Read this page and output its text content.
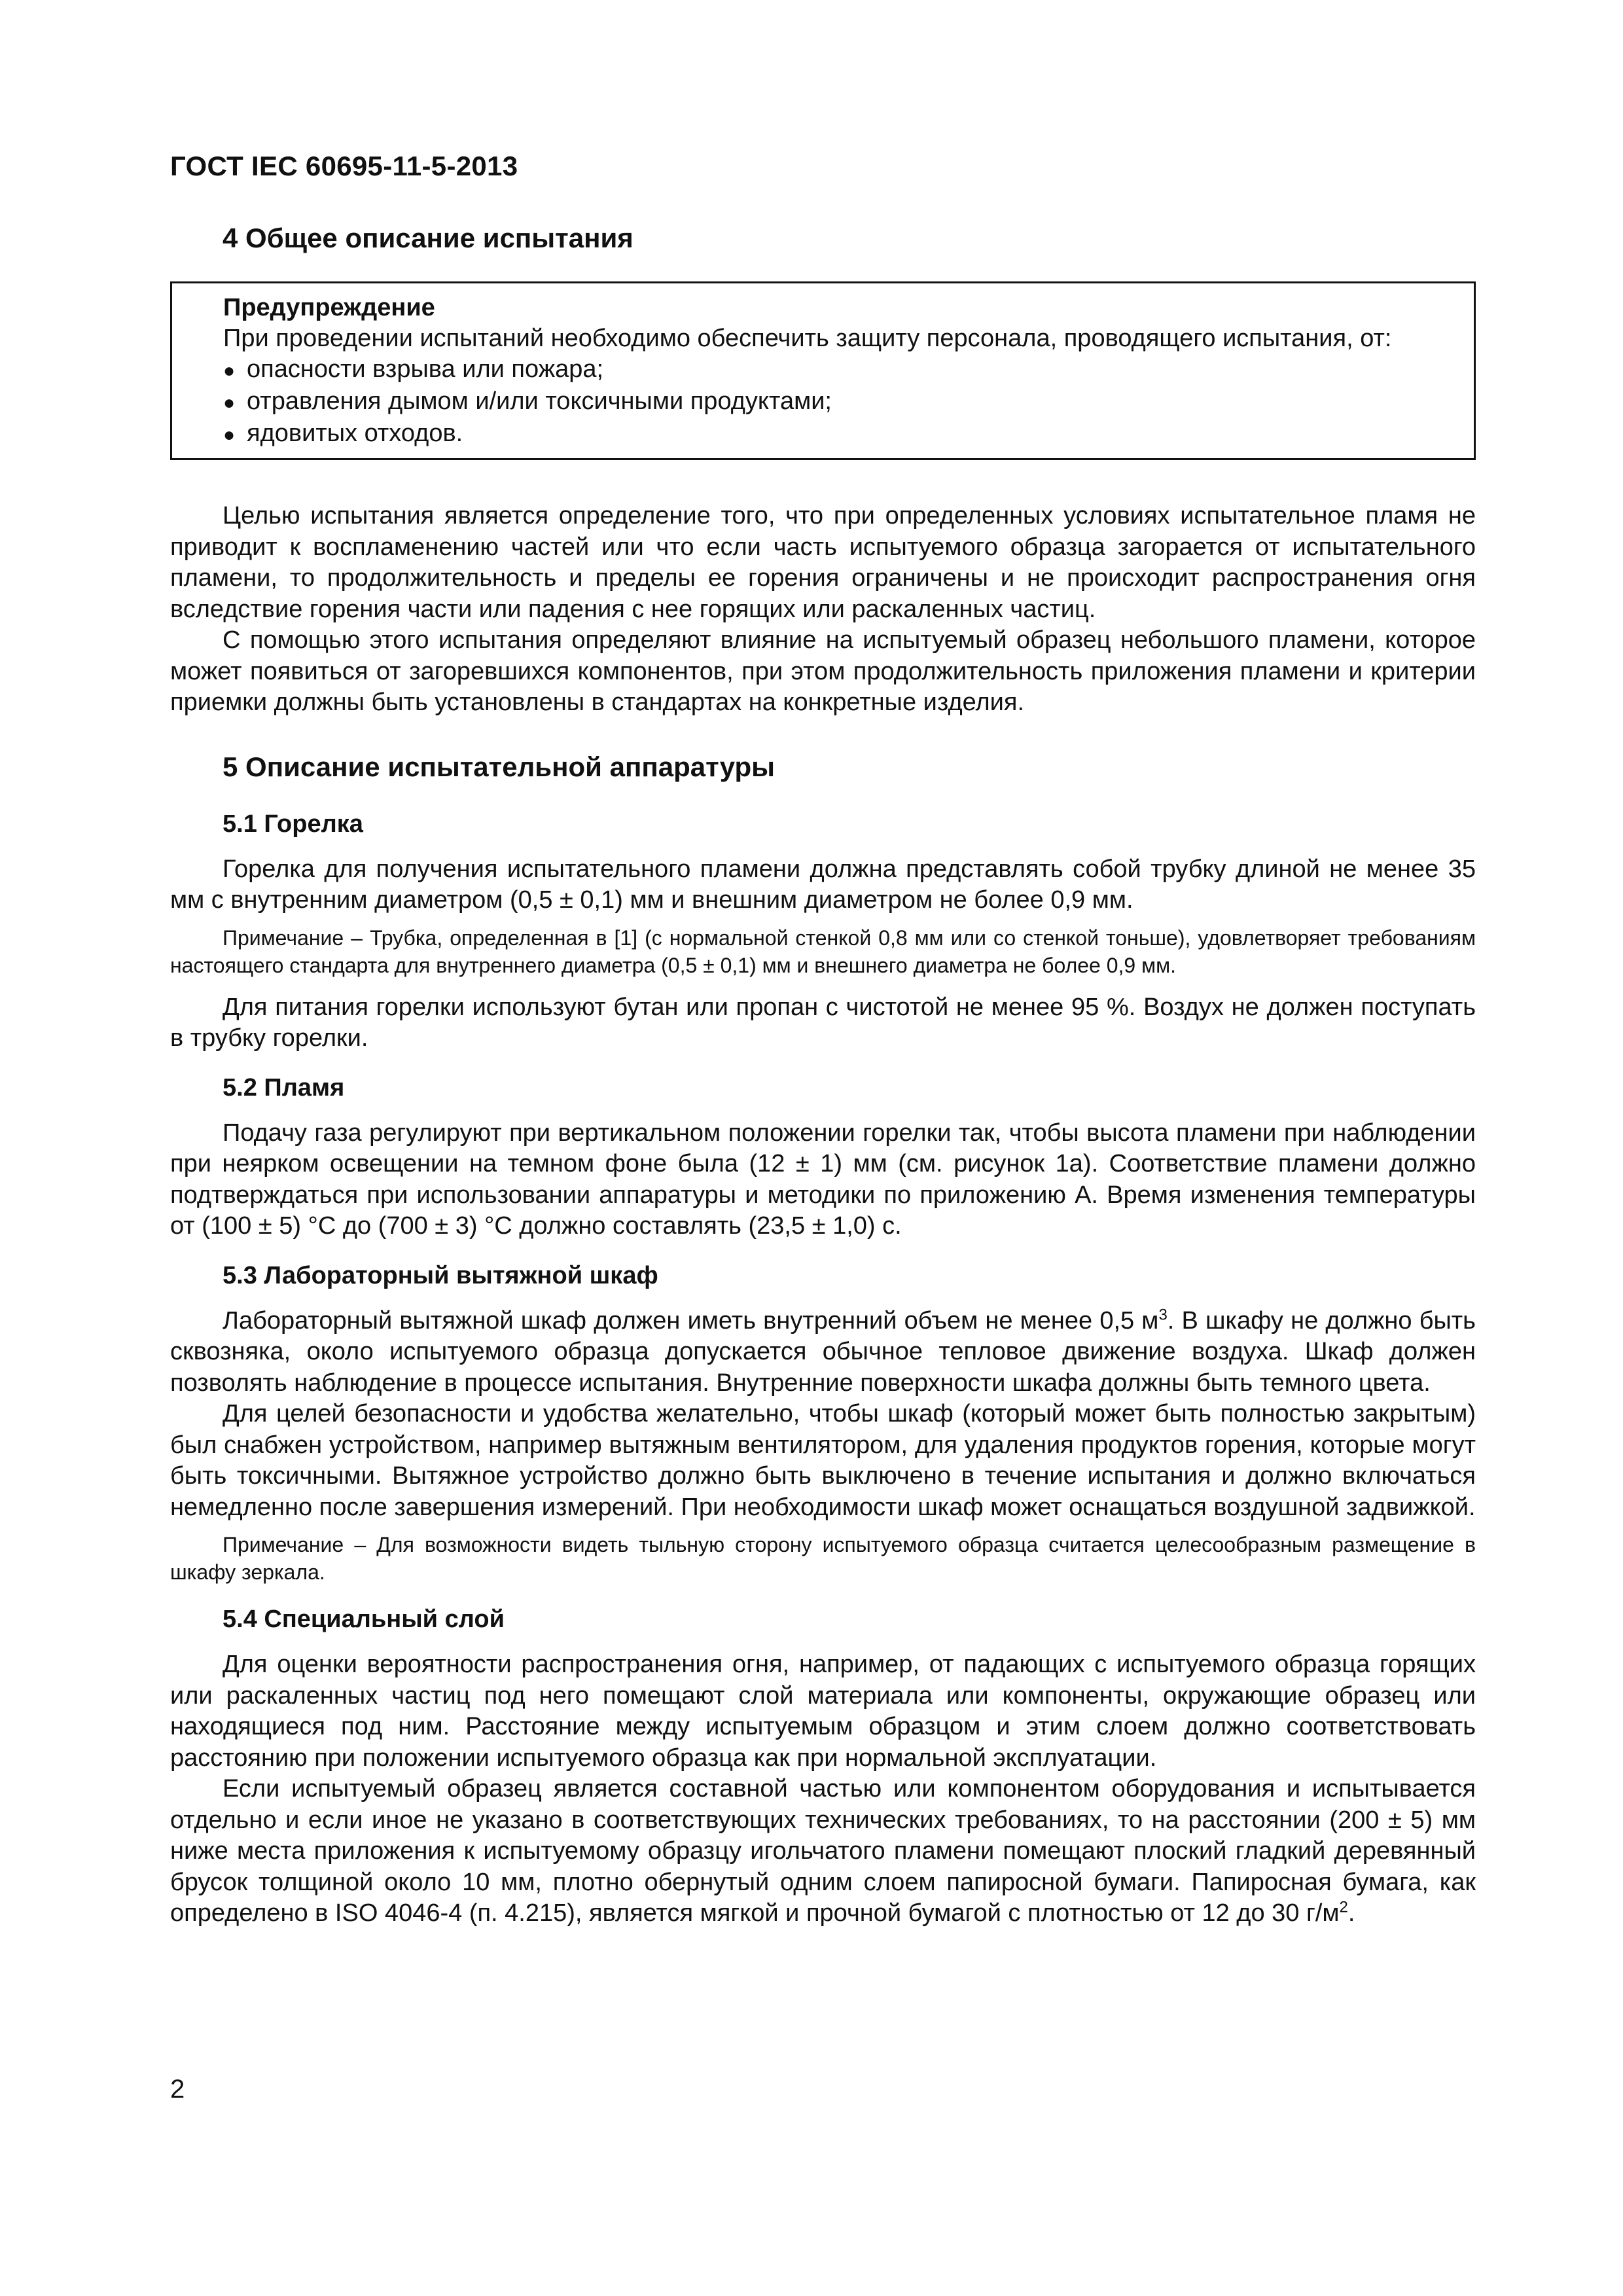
ГОСТ IEC 60695-11-5-2013
4 Общее описание испытания
Предупреждение
При проведении испытаний необходимо обеспечить защиту персонала, проводящего испытания, от:
● опасности взрыва или пожара;
● отравления дымом и/или токсичными продуктами;
● ядовитых отходов.

Целью испытания является определение того, что при определенных условиях испытательное пламя не приводит к воспламенению частей или что если часть испытуемого образца загорается от испытательного пламени, то продолжительность и пределы ее горения ограничены и не происходит распространения огня вследствие горения части или падения с нее горящих или раскаленных частиц.

С помощью этого испытания определяют влияние на испытуемый образец небольшого пламени, которое может появиться от загоревшихся компонентов, при этом продолжительность приложения пламени и критерии приемки должны быть установлены в стандартах на конкретные изделия.

5 Описание испытательной аппаратуры
5.1 Горелка

Горелка для получения испытательного пламени должна представлять собой трубку длиной не менее 35 мм с внутренним диаметром (0,5 ± 0,1) мм и внешним диаметром не более 0,9 мм.

Примечание – Трубка, определенная в [1] (с нормальной стенкой 0,8 мм или со стенкой тоньше), удовлетворяет требованиям настоящего стандарта для внутреннего диаметра (0,5 ± 0,1) мм и внешнего диаметра не более 0,9 мм.

Для питания горелки используют бутан или пропан с чистотой не менее 95 %. Воздух не должен поступать в трубку горелки.

5.2 Пламя

Подачу газа регулируют при вертикальном положении горелки так, чтобы высота пламени при наблюдении при неярком освещении на темном фоне была (12 ± 1) мм (см. рисунок 1а). Соответствие пламени должно подтверждаться при использовании аппаратуры и методики по приложению А. Время изменения температуры от (100 ± 5) °С до (700 ± 3) °С должно составлять (23,5 ± 1,0) с.

5.3 Лабораторный вытяжной шкаф

Лабораторный вытяжной шкаф должен иметь внутренний объем не менее 0,5 $м^3$. В шкафу не должно быть сквозняка, около испытуемого образца допускается обычное тепловое движение воздуха. Шкаф должен позволять наблюдение в процессе испытания. Внутренние поверхности шкафа должны быть темного цвета.

Для целей безопасности и удобства желательно, чтобы шкаф (который может быть полностью закрытым) был снабжен устройством, например вытяжным вентилятором, для удаления продуктов горения, которые могут быть токсичными. Вытяжное устройство должно быть выключено в течение испытания и должно включаться немедленно после завершения измерений. При необходимости шкаф может оснащаться воздушной задвижкой.

Примечание – Для возможности видеть тыльную сторону испытуемого образца считается целесообразным размещение в шкафу зеркала.

5.4 Специальный слой

Для оценки вероятности распространения огня, например, от падающих с испытуемого образца горящих или раскаленных частиц под него помещают слой материала или компоненты, окружающие образец или находящиеся под ним. Расстояние между испытуемым образцом и этим слоем должно соответствовать расстоянию при положении испытуемого образца как при нормальной эксплуатации.

Если испытуемый образец является составной частью или компонентом оборудования и испытывается отдельно и если иное не указано в соответствующих технических требованиях, то на расстоянии (200 ± 5) мм ниже места приложения к испытуемому образцу игольчатого пламени помещают плоский гладкий деревянный брусок толщиной около 10 мм, плотно обернутый одним слоем папиросной бумаги. Папиросная бумага, как определено в ISO 4046-4 (п. 4.215), является мягкой и прочной бумагой с плотностью от 12 до 30 $г/м^2$.

2
